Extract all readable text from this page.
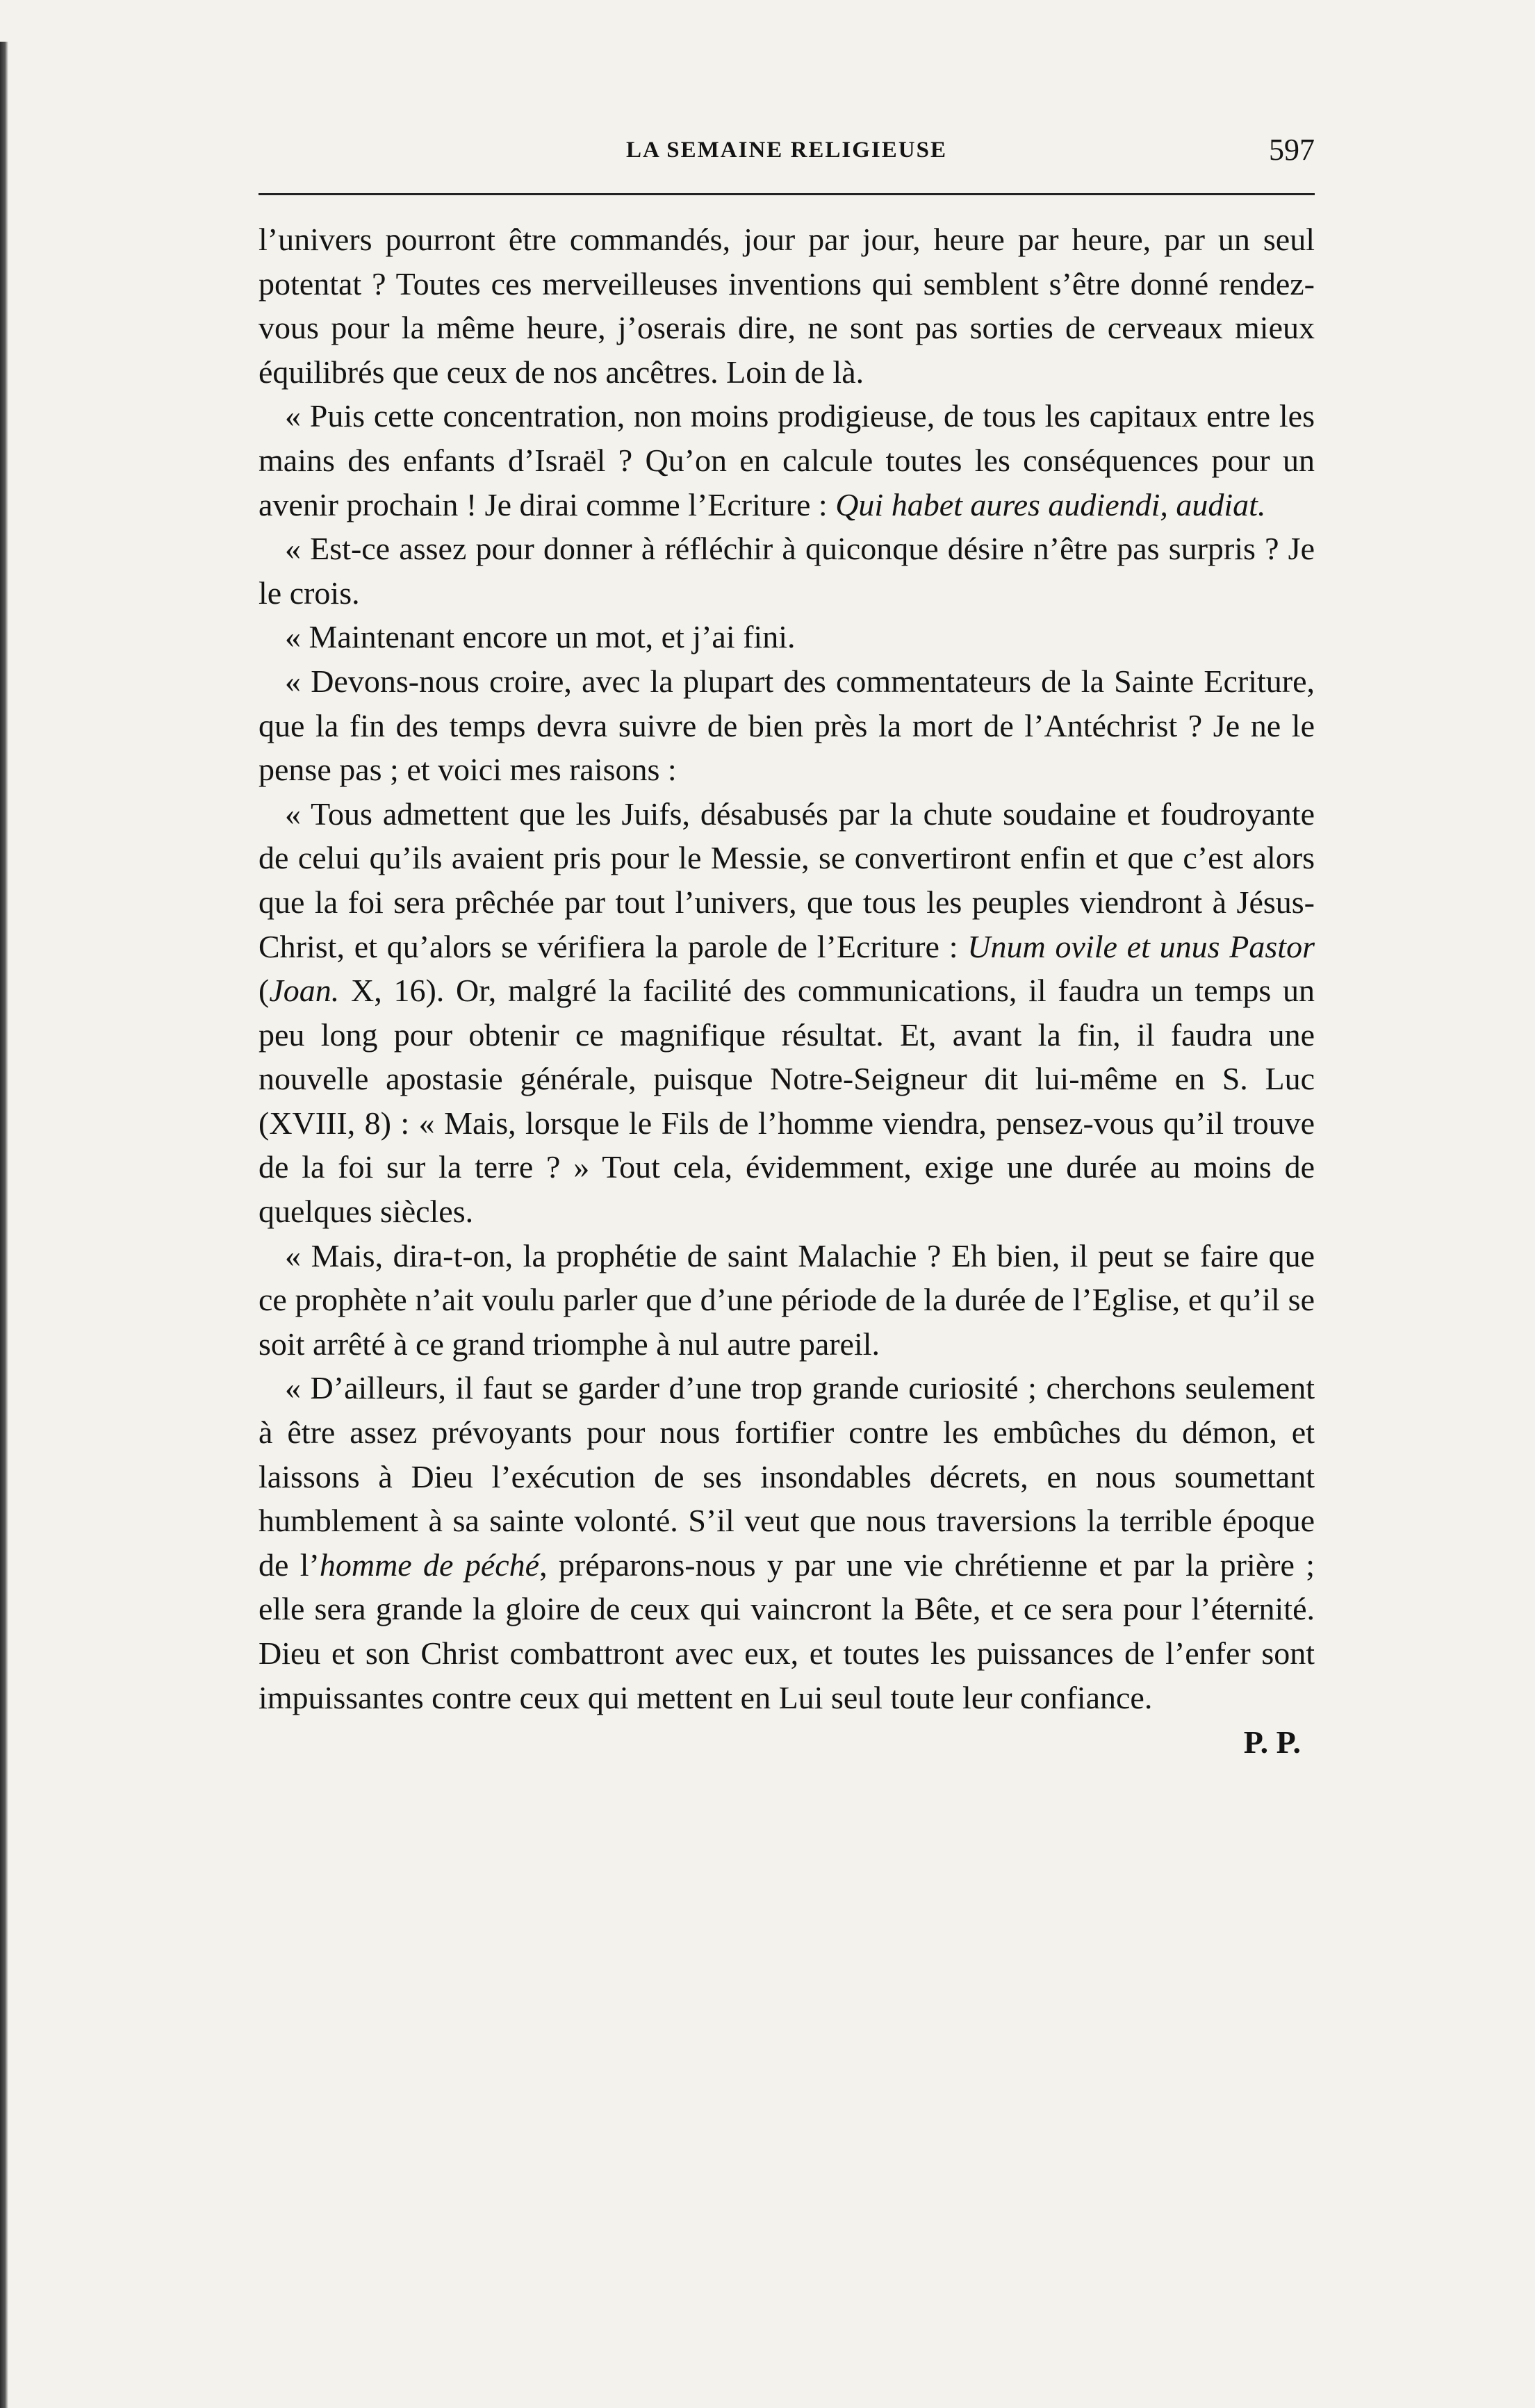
LA SEMAINE RELIGIEUSE	597

l’univers pourront être commandés, jour par jour, heure par heure, par un seul potentat ? Toutes ces merveilleuses inventions qui semblent s’être donné rendez-vous pour la même heure, j’oserais dire, ne sont pas sorties de cerveaux mieux équilibrés que ceux de nos ancêtres. Loin de là.

« Puis cette concentration, non moins prodigieuse, de tous les capitaux entre les mains des enfants d’Israël ? Qu’on en calcule toutes les conséquences pour un avenir prochain ! Je dirai comme l’Ecriture : Qui habet aures audiendi, audiat.

« Est-ce assez pour donner à réfléchir à quiconque désire n’être pas surpris ? Je le crois.

« Maintenant encore un mot, et j’ai fini.

« Devons-nous croire, avec la plupart des commentateurs de la Sainte Ecriture, que la fin des temps devra suivre de bien près la mort de l’Antéchrist ? Je ne le pense pas ; et voici mes raisons :

« Tous admettent que les Juifs, désabusés par la chute soudaine et foudroyante de celui qu’ils avaient pris pour le Messie, se convertiront enfin et que c’est alors que la foi sera prêchée par tout l’univers, que tous les peuples viendront à Jésus-Christ, et qu’alors se vérifiera la parole de l’Ecriture : Unum ovile et unus Pastor (Joan. X, 16). Or, malgré la facilité des communications, il faudra un temps un peu long pour obtenir ce magnifique résultat. Et, avant la fin, il faudra une nouvelle apostasie générale, puisque Notre-Seigneur dit lui-même en S. Luc (XVIII, 8) : « Mais, lorsque le Fils de l’homme viendra, pensez-vous qu’il trouve de la foi sur la terre ? » Tout cela, évidemment, exige une durée au moins de quelques siècles.

« Mais, dira-t-on, la prophétie de saint Malachie ? Eh bien, il peut se faire que ce prophète n’ait voulu parler que d’une période de la durée de l’Eglise, et qu’il se soit arrêté à ce grand triomphe à nul autre pareil.

« D’ailleurs, il faut se garder d’une trop grande curiosité ; cherchons seulement à être assez prévoyants pour nous fortifier contre les embûches du démon, et laissons à Dieu l’exécution de ses insondables décrets, en nous soumettant humblement à sa sainte volonté. S’il veut que nous traversions la terrible époque de l’homme de péché, préparons-nous y par une vie chrétienne et par la prière ; elle sera grande la gloire de ceux qui vaincront la Bête, et ce sera pour l’éternité. Dieu et son Christ combattront avec eux, et toutes les puissances de l’enfer sont impuissantes contre ceux qui mettent en Lui seul toute leur confiance.

P. P.
